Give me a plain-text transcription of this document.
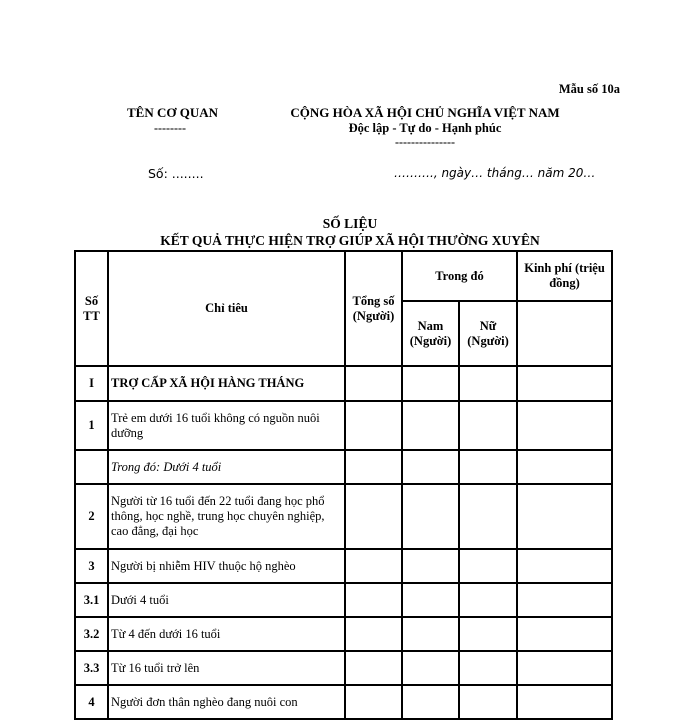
Mẫu số 10a
TÊN CƠ QUAN
--------
CỘNG HÒA XÃ HỘI CHỦ NGHĨA VIỆT NAM
Độc lập - Tự do - Hạnh phúc
---------------
Số: ........	………., ngày… tháng… năm 20…
SỐ LIỆU
KẾT QUẢ THỰC HIỆN TRỢ GIÚP XÃ HỘI THƯỜNG XUYÊN
Số TT	Chỉ tiêu	Tổng số (Người)	Trong đó		Kinh phí (triệu đồng)
			Nam (Người)	Nữ (Người)	
I	TRỢ CẤP XÃ HỘI HÀNG THÁNG				
1	Trẻ em dưới 16 tuổi không có nguồn nuôi dưỡng				
	Trong đó: Dưới 4 tuổi				
2	Người từ 16 tuổi đến 22 tuổi đang học phổ thông, học nghề, trung học chuyên nghiệp, cao đẳng, đại học				
3	Người bị nhiễm HIV thuộc hộ nghèo				
3.1	Dưới 4 tuổi				
3.2	Từ 4 đến dưới 16 tuổi				
3.3	Từ 16 tuổi trở lên				
4	Người đơn thân nghèo đang nuôi con				
